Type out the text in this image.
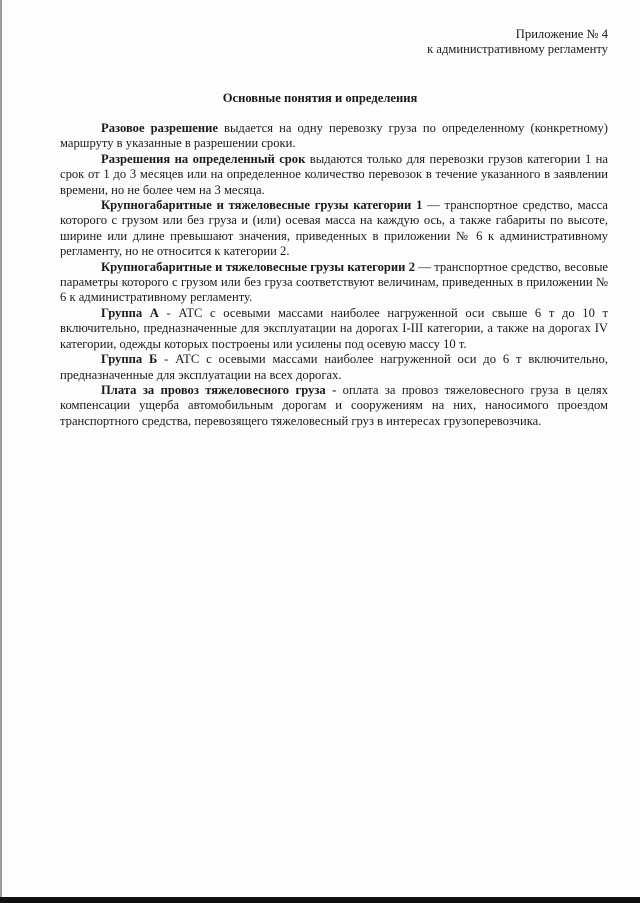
Приложение № 4
к административному регламенту
Основные понятия и определения

Разовое разрешение выдается на одну перевозку груза по определенному (конкретному) маршруту в указанные в разрешении сроки.

Разрешения на определенный срок выдаются только для перевозки грузов категории 1 на срок от 1 до 3 месяцев или на определенное количество перевозок в течение указанного в заявлении времени, но не более чем на 3 месяца.

Крупногабаритные и тяжеловесные грузы категории 1 — транспортное средство, масса которого с грузом или без груза и (или) осевая масса на каждую ось, а также габариты по высоте, ширине или длине превышают значения, приведенных в приложении № 6 к административному регламенту, но не относится к категории 2.

Крупногабаритные и тяжеловесные грузы категории 2 — транспортное средство, весовые параметры которого с грузом или без груза соответствуют величинам, приведенных в приложении № 6 к административному регламенту.

Группа А - АТС с осевыми массами наиболее нагруженной оси свыше 6 т до 10 т включительно, предназначенные для эксплуатации на дорогах I-III категории, а также на дорогах IV категории, одежды которых построены или усилены под осевую массу 10 т.

Группа Б - АТС с осевыми массами наиболее нагруженной оси до 6 т включительно, предназначенные для эксплуатации на всех дорогах.

Плата за провоз тяжеловесного груза - оплата за провоз тяжеловесного груза в целях компенсации ущерба автомобильным дорогам и сооружениям на них, наносимого проездом транспортного средства, перевозящего тяжеловесный груз в интересах грузоперевозчика.
